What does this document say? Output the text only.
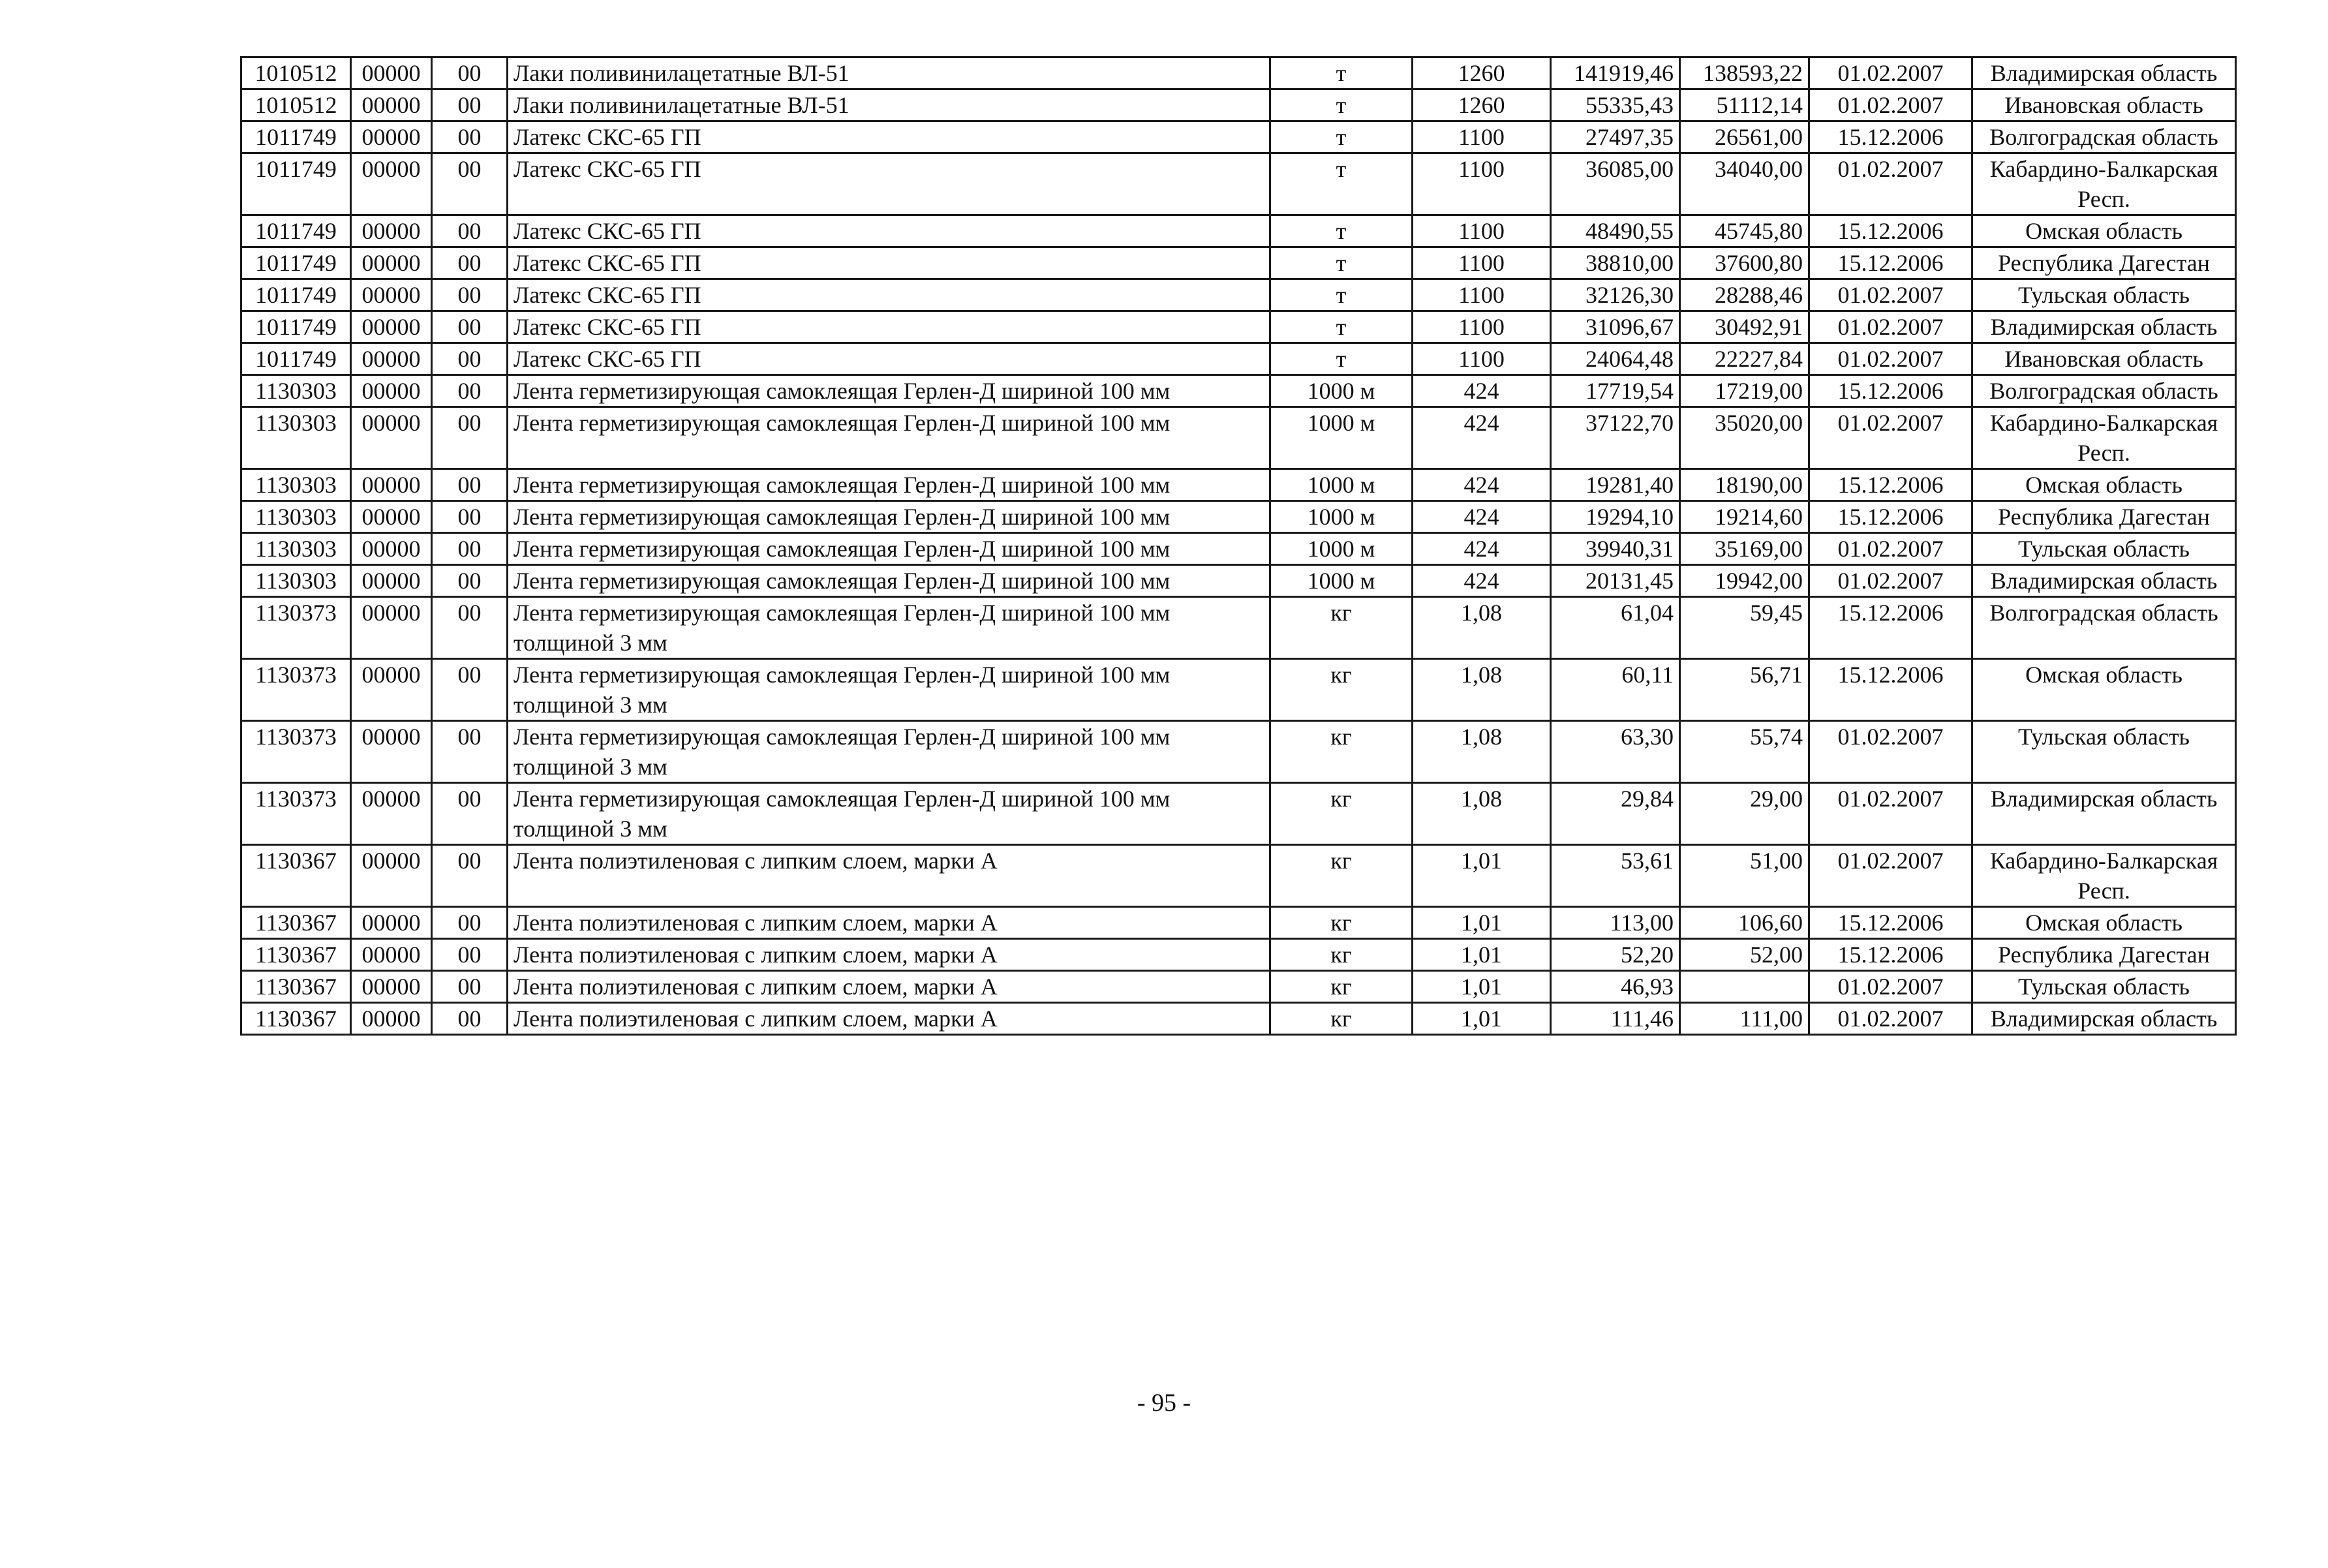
1010512	00000	00	Лаки поливинилацетатные ВЛ-51	т	1260	141919,46	138593,22	01.02.2007	Владимирская область
1010512	00000	00	Лаки поливинилацетатные ВЛ-51	т	1260	55335,43	51112,14	01.02.2007	Ивановская область
1011749	00000	00	Латекс СКС-65 ГП	т	1100	27497,35	26561,00	15.12.2006	Волгоградская область
1011749	00000	00	Латекс СКС-65 ГП	т	1100	36085,00	34040,00	01.02.2007	Кабардино-Балкарская Респ.
1011749	00000	00	Латекс СКС-65 ГП	т	1100	48490,55	45745,80	15.12.2006	Омская область
1011749	00000	00	Латекс СКС-65 ГП	т	1100	38810,00	37600,80	15.12.2006	Республика Дагестан
1011749	00000	00	Латекс СКС-65 ГП	т	1100	32126,30	28288,46	01.02.2007	Тульская область
1011749	00000	00	Латекс СКС-65 ГП	т	1100	31096,67	30492,91	01.02.2007	Владимирская область
1011749	00000	00	Латекс СКС-65 ГП	т	1100	24064,48	22227,84	01.02.2007	Ивановская область
1130303	00000	00	Лента герметизирующая самоклеящая Герлен-Д шириной 100 мм	1000 м	424	17719,54	17219,00	15.12.2006	Волгоградская область
1130303	00000	00	Лента герметизирующая самоклеящая Герлен-Д шириной 100 мм	1000 м	424	37122,70	35020,00	01.02.2007	Кабардино-Балкарская Респ.
1130303	00000	00	Лента герметизирующая самоклеящая Герлен-Д шириной 100 мм	1000 м	424	19281,40	18190,00	15.12.2006	Омская область
1130303	00000	00	Лента герметизирующая самоклеящая Герлен-Д шириной 100 мм	1000 м	424	19294,10	19214,60	15.12.2006	Республика Дагестан
1130303	00000	00	Лента герметизирующая самоклеящая Герлен-Д шириной 100 мм	1000 м	424	39940,31	35169,00	01.02.2007	Тульская область
1130303	00000	00	Лента герметизирующая самоклеящая Герлен-Д шириной 100 мм	1000 м	424	20131,45	19942,00	01.02.2007	Владимирская область
1130373	00000	00	Лента герметизирующая самоклеящая Герлен-Д шириной 100 мм толщиной 3 мм	кг	1,08	61,04	59,45	15.12.2006	Волгоградская область
1130373	00000	00	Лента герметизирующая самоклеящая Герлен-Д шириной 100 мм толщиной 3 мм	кг	1,08	60,11	56,71	15.12.2006	Омская область
1130373	00000	00	Лента герметизирующая самоклеящая Герлен-Д шириной 100 мм толщиной 3 мм	кг	1,08	63,30	55,74	01.02.2007	Тульская область
1130373	00000	00	Лента герметизирующая самоклеящая Герлен-Д шириной 100 мм толщиной 3 мм	кг	1,08	29,84	29,00	01.02.2007	Владимирская область
1130367	00000	00	Лента полиэтиленовая с липким слоем, марки А	кг	1,01	53,61	51,00	01.02.2007	Кабардино-Балкарская Респ.
1130367	00000	00	Лента полиэтиленовая с липким слоем, марки А	кг	1,01	113,00	106,60	15.12.2006	Омская область
1130367	00000	00	Лента полиэтиленовая с липким слоем, марки А	кг	1,01	52,20	52,00	15.12.2006	Республика Дагестан
1130367	00000	00	Лента полиэтиленовая с липким слоем, марки А	кг	1,01	46,93		01.02.2007	Тульская область
1130367	00000	00	Лента полиэтиленовая с липким слоем, марки А	кг	1,01	111,46	111,00	01.02.2007	Владимирская область
- 95 -
